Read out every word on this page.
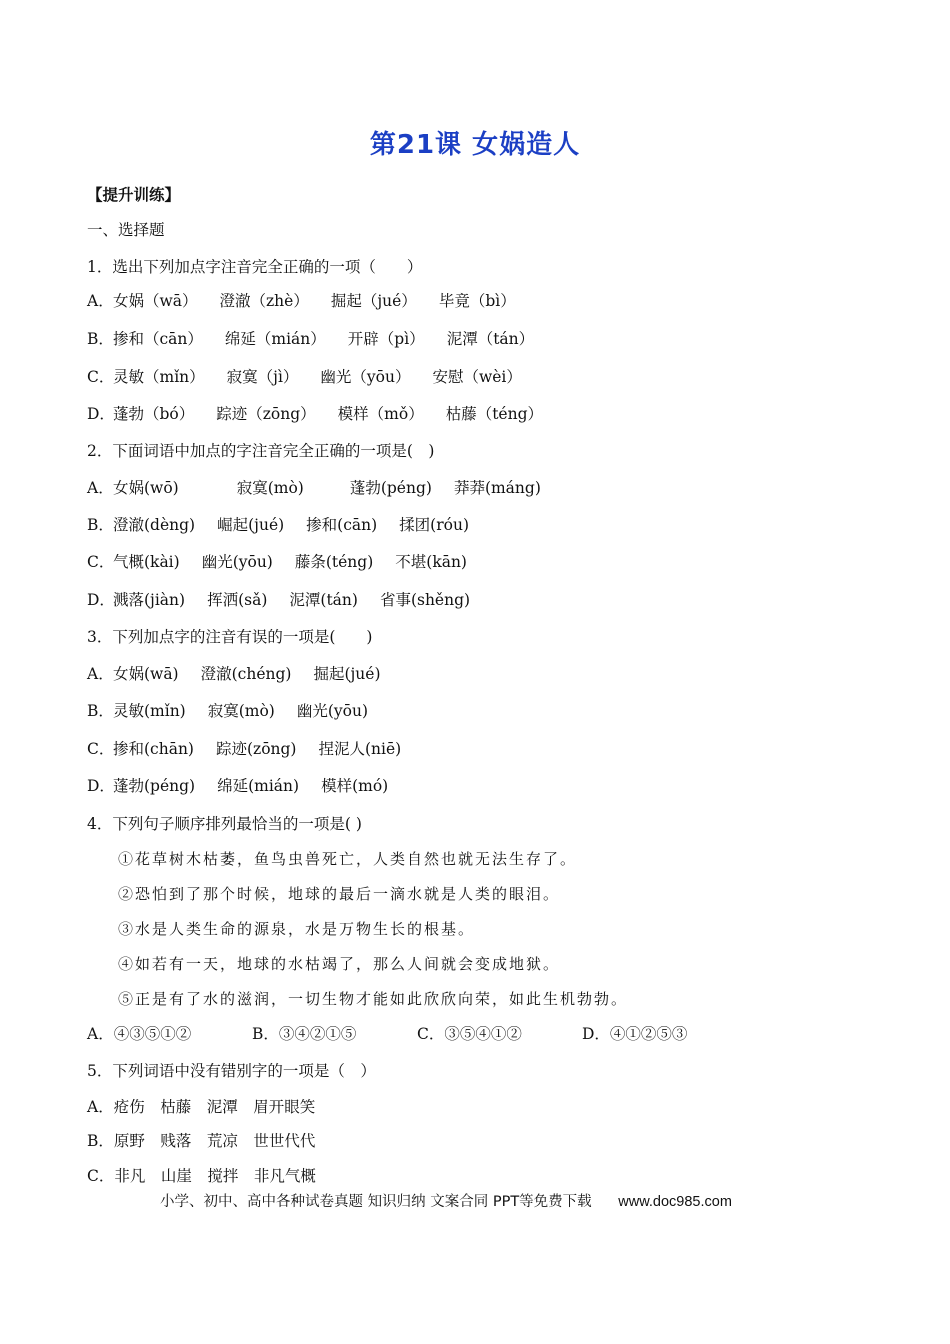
第21课 女娲造人
【提升训练】
一、选择题
1．选出下列加点字注音完全正确的一项（　　）
A． 女娲（wā） 澄澈（zhè） 掘起（jué） 毕竟（bì）
B． 掺和（cān） 绵延（mián） 开辟（pì） 泥潭（tán）
C．
灵敏（mǐn） 寂寞（jì） 幽光（yōu） 安慰（wèi）
D．
蓬勃（bó） 踪迹（zōng） 模样（mǒ） 枯藤（téng）
2．下面词语中加点的字注音完全正确的一项是(　)
A． 女娲(wō)	寂寞(mò)	蓬勃(péng) 莽莽(máng)
B． 澄澈(dèng) 崛起(jué) 掺和(cān) 揉团(róu)
C．
气概(kài) 幽光(yōu) 藤条(téng) 不堪(kān)
D．
溅落(jiàn) 挥洒(sǎ) 泥潭(tán) 省事(shěng)
3．下列加点字的注音有误的一项是(　　)
A． 女娲(wā) 澄澈(chéng) 掘起(jué)
B． 灵敏(mǐn) 寂寞(mò) 幽光(yōu)
C．
掺和(chān) 踪迹(zōng) 捏泥人(niē)
D．
蓬勃(péng) 绵延(mián) 模样(mó)
4．下列句子顺序排列最恰当的一项是( )
①花草树木枯萎，鱼鸟虫兽死亡，人类自然也就无法生存了。
②恐怕到了那个时候，地球的最后一滴水就是人类的眼泪。
③水是人类生命的源泉，水是万物生长的根基。
④如若有一天，地球的水枯竭了，那么人间就会变成地狱。
⑤正是有了水的滋润，一切生物才能如此欣欣向荣，如此生机勃勃。
A．④③⑤①②	B．③④②①⑤	C．③⑤④①②	D．④①②⑤③
5．下列词语中没有错别字的一项是（　）
A．疮伤　枯藤　泥潭　眉开眼笑
B．原野　贱落　荒凉　世世代代
C．非凡　山崖　搅拌　非凡气概
小学、初中、高中各种试卷真题 知识归纳 文案合同 PPT等免费下载 www.doc985.com
